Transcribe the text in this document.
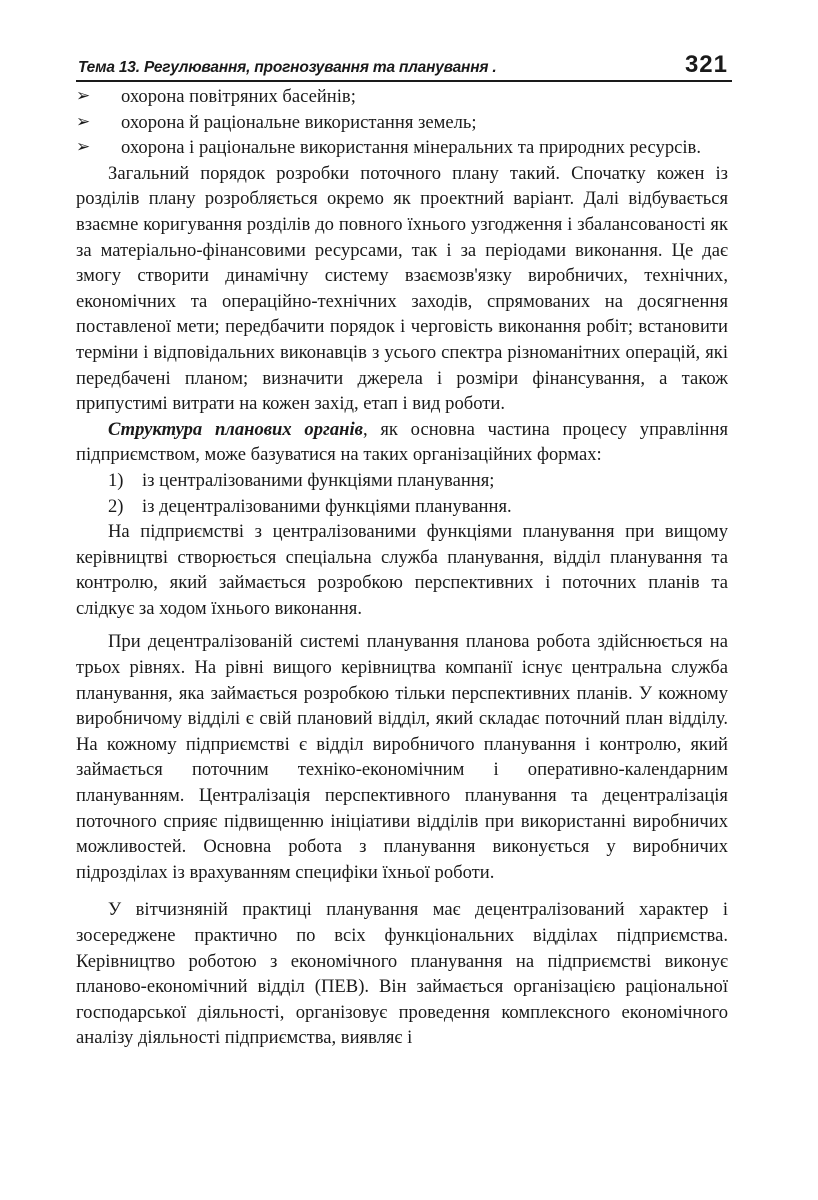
Тема 13. Регулювання, прогнозування та планування .	321
➢	охорона повітряних басейнів;
➢	охорона й раціональне використання земель;
➢	охорона і раціональне використання мінеральних та природних ресурсів.

Загальний порядок розробки поточного плану такий. Спочатку кожен із розділів плану розробляється окремо як проектний варіант. Далі відбувається взаємне коригування розділів до повного їхнього узгодження і збалансованості як за матеріально-фінансовими ресурсами, так і за періодами виконання. Це дає змогу створити динамічну систему взаємозв'язку виробничих, технічних, економічних та операційно-технічних заходів, спрямованих на досягнення поставленої мети; передбачити порядок і черговість виконання робіт; встановити терміни і відповідальних виконавців з усього спектра різноманітних операцій, які передбачені планом; визначити джерела і розміри фінансування, а також припустимі витрати на кожен захід, етап і вид роботи.

Структура планових органів, як основна частина процесу управління підприємством, може базуватися на таких організаційних формах:

1) із централізованими функціями планування;
2) із децентралізованими функціями планування.

На підприємстві з централізованими функціями планування при вищому керівництві створюється спеціальна служба планування, відділ планування та контролю, який займається розробкою перспективних і поточних планів та слідкує за ходом їхнього виконання.

При децентралізованій системі планування планова робота здійснюється на трьох рівнях. На рівні вищого керівництва компанії існує центральна служба планування, яка займається розробкою тільки перспективних планів. У кожному виробничому відділі є свій плановий відділ, який складає поточний план відділу. На кожному підприємстві є відділ виробничого планування і контролю, який займається поточним техніко-економічним і оперативно-календарним плануванням. Централізація перспективного планування та децентралізація поточного сприяє підвищенню ініціативи відділів при використанні виробничих можливостей. Основна робота з планування виконується у виробничих підрозділах із врахуванням специфіки їхньої роботи.

У вітчизняній практиці планування має децентралізований характер і зосереджене практично по всіх функціональних відділах підприємства. Керівництво роботою з економічного планування на підприємстві виконує планово-економічний відділ (ПЕВ). Він займається організацією раціональної господарської діяльності, організовує проведення комплексного економічного аналізу діяльності підприємства, виявляє і
